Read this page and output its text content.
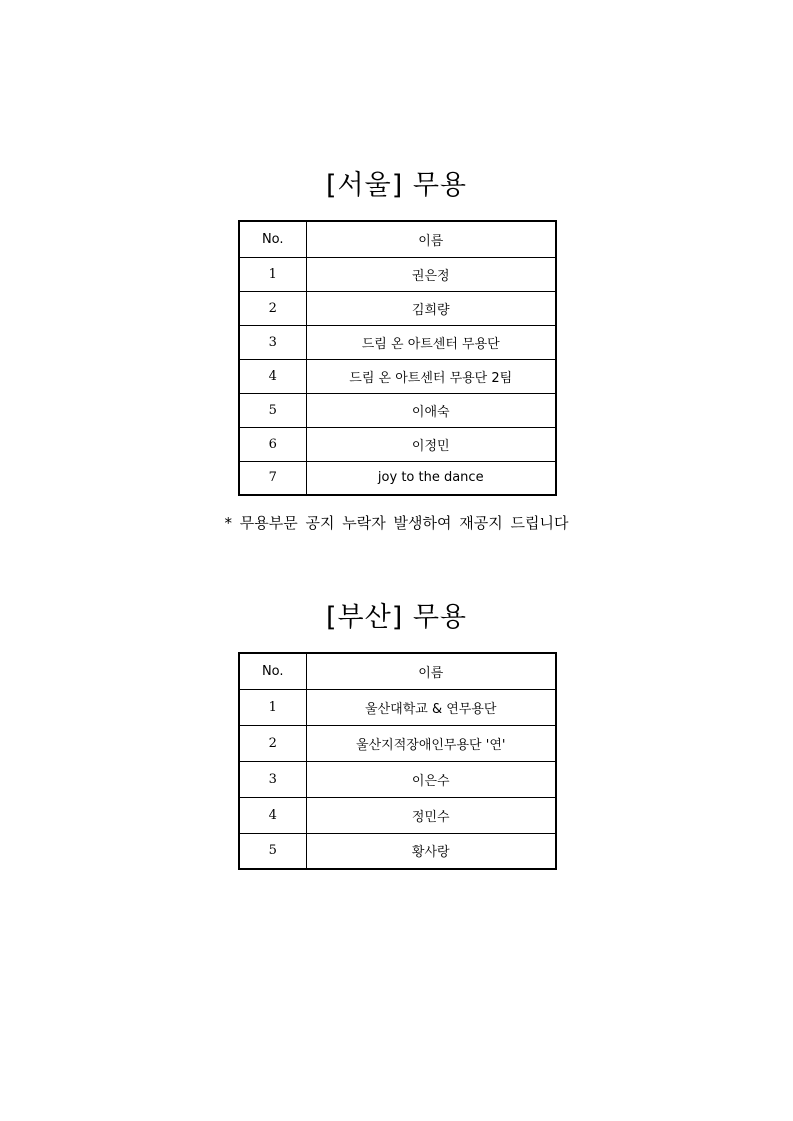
[서울] 무용
No.	이름
1	권은정
2	김희량
3	드림 온 아트센터 무용단
4	드림 온 아트센터 무용단 2팀
5	이애숙
6	이정민
7	joy to the dance
* 무용부문 공지 누락자 발생하여 재공지 드립니다
[부산] 무용
No.	이름
1	울산대학교 & 연무용단
2	울산지적장애인무용단 '연'
3	이은수
4	정민수
5	황사랑
